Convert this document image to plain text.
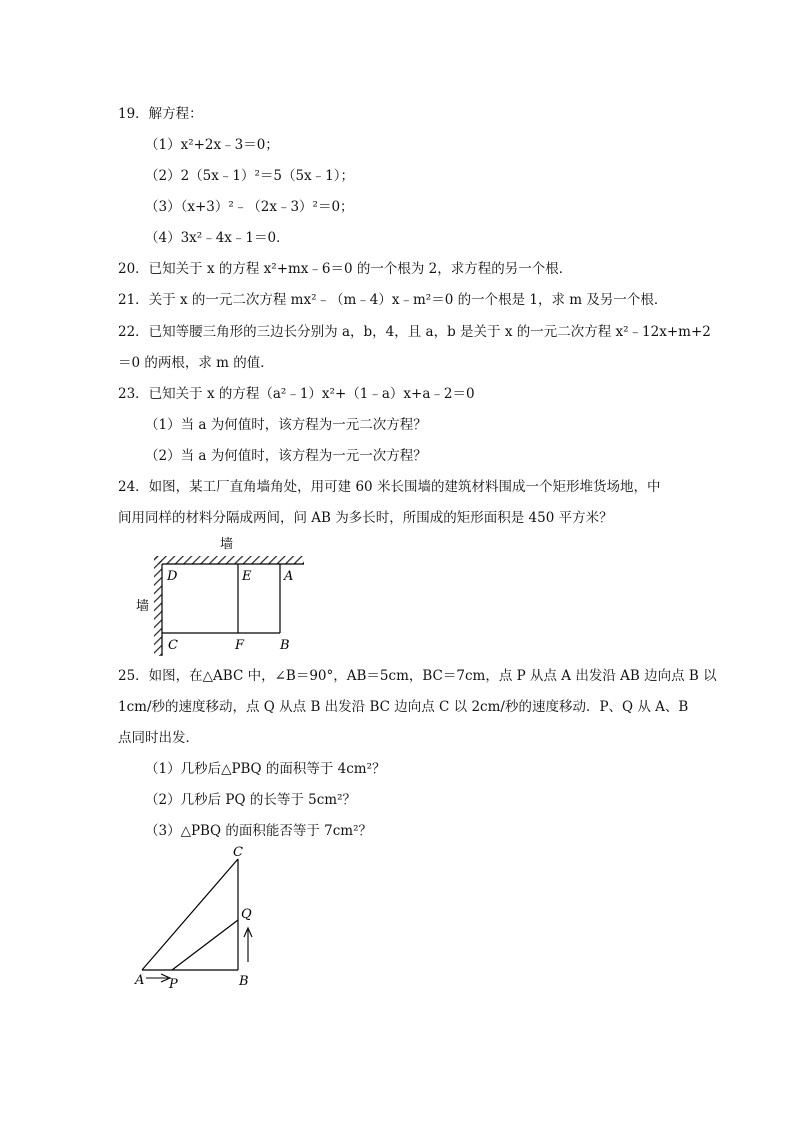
19．解方程：
（1）x²+2x﹣3＝0；
（2）2（5x﹣1）²＝5（5x﹣1）；
（3）（x+3）²﹣（2x﹣3）²＝0；
（4）3x²﹣4x﹣1＝0．
20．已知关于 x 的方程 x²+mx﹣6＝0 的一个根为 2，求方程的另一个根．
21．关于 x 的一元二次方程 mx²﹣（m﹣4）x﹣m²＝0 的一个根是 1，求 m 及另一个根．
22．已知等腰三角形的三边长分别为 a，b，4，且 a，b 是关于 x 的一元二次方程 x²﹣12x+m+2
＝0 的两根，求 m 的值．
23．已知关于 x 的方程（a²﹣1）x²+（1﹣a）x+a﹣2＝0
（1）当 a 为何值时，该方程为一元二次方程？
（2）当 a 为何值时，该方程为一元一次方程？
24．如图，某工厂直角墙角处，用可建 60 米长围墙的建筑材料围成一个矩形堆货场地，中
间用同样的材料分隔成两间，问 AB 为多长时，所围成的矩形面积是 450 平方米？
墙
墙
D	E	A
C	F	B
25．如图，在△ABC 中，∠B＝90°，AB＝5cm，BC＝7cm，点 P 从点 A 出发沿 AB 边向点 B 以
1cm/秒的速度移动，点 Q 从点 B 出发沿 BC 边向点 C 以 2cm/秒的速度移动．P、Q 从 A、B
点同时出发．
（1）几秒后△PBQ 的面积等于 4cm²？
（2）几秒后 PQ 的长等于 5cm²？
（3）△PBQ 的面积能否等于 7cm²？
C
Q
A P	B
